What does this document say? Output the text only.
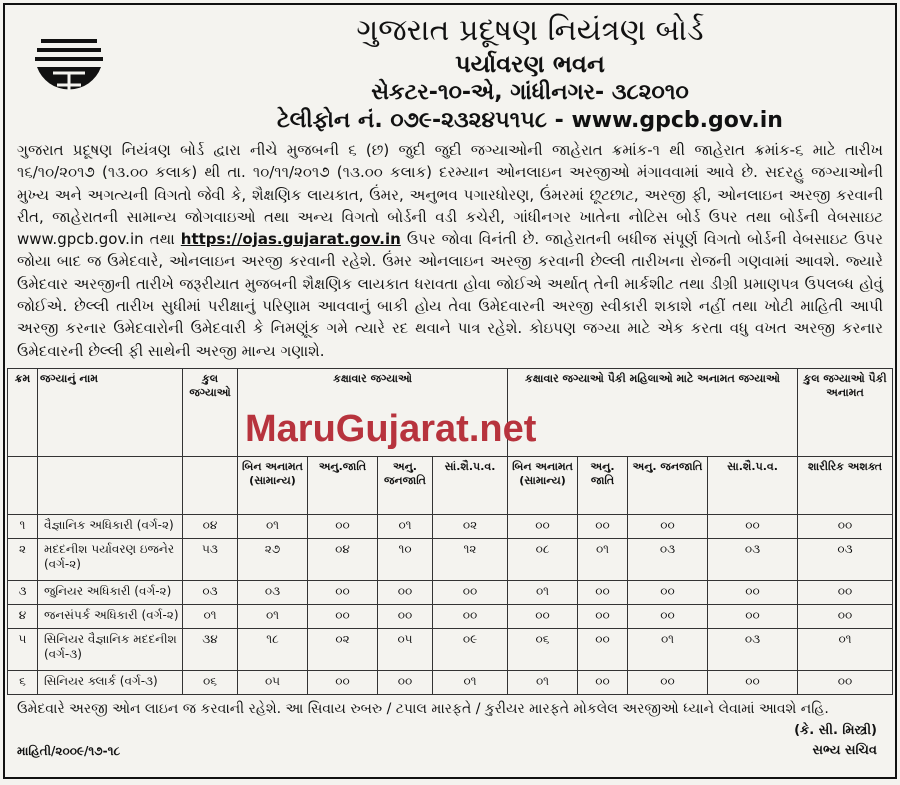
ગુજરાત પ્રદૂષણ નિયંત્રણ બોર્ડ
પર્યાવરણ ભવન
સેકટર-૧૦-એ, ગાંધીનગર- ૩૮૨૦૧૦
ટેલીફોન નં. ૦૭૯-૨૩૨૪૫૧૫૮ - www.gpcb.gov.in
ગુજરાત પ્રદૂષણ નિયંત્રણ બોર્ડ દ્વારા નીચે મુજબની ૬ (છ) જુદી જુદી જગ્યાઓની જાહેરાત ક્રમાંક-૧ થી જાહેરાત ક્રમાંક-૬ માટે તારીખ ૧૬/૧૦/૨૦૧૭ (૧૩.૦૦ કલાક) થી તા. ૧૦/૧૧/૨૦૧૭ (૧૩.૦૦ કલાક) દરમ્યાન ઓનલાઇન અરજીઓ મંગાવવામાં આવે છે. સદરહુ જગ્યાઓની મુખ્ય અને અગત્યની વિગતો જેવી કે, શૈક્ષણિક લાયકાત, ઉંમર, અનુભવ પગારધોરણ, ઉંમરમાં છૂટછાટ, અરજી ફી, ઓનલાઇન અરજી કરવાની રીત, જાહેરાતની સામાન્ય જોગવાઇઓ તથા અન્ય વિગતો બોર્ડની વડી કચેરી, ગાંધીનગર ખાતેના નોટિસ બોર્ડ ઉપર તથા બોર્ડની વેબસાઇટ www.gpcb.gov.in તથા https://ojas.gujarat.gov.in ઉપર જોવા વિનંતી છે. જાહેરાતની બધીજ સંપૂર્ણ વિગતો બોર્ડની વેબસાઇટ ઉપર જોયા બાદ જ ઉમેદવારે, ઓનલાઇન અરજી કરવાની રહેશે. ઉંમર ઓનલાઇન અરજી કરવાની છેલ્લી તારીખના રોજની ગણવામાં આવશે. જ્યારે ઉમેદવાર અરજીની તારીખે જરૂરીયાત મુજબની શૈક્ષણિક લાયકાત ધરાવતા હોવા જોઈએ અર્થાત્ તેની માર્કશીટ તથા ડીગ્રી પ્રમાણપત્ર ઉપલબ્ધ હોવું જોઈએ. છેલ્લી તારીખ સુધીમાં પરીક્ષાનું પરિણામ આવવાનું બાકી હોય તેવા ઉમેદવારની અરજી સ્વીકારી શકાશે નહીં તથા ખોટી માહિતી આપી અરજી કરનાર ઉમેદવારોની ઉમેદવારી કે નિમણૂંક ગમે ત્યારે રદ થવાને પાત્ર રહેશે. કોઇપણ જગ્યા માટે એક કરતા વધુ વખત અરજી કરનાર ઉમેદવારની છેલ્લી ફી સાથેની અરજી માન્ય ગણાશે.
ક્રમ	જગ્યાનું નામ	કુલ જગ્યાઓ	કક્ષાવાર જગ્યાઓ				કક્ષાવાર જગ્યાઓ પૈકી મહિલાઓ માટે અનામત જગ્યાઓ				કુલ જગ્યાઓ પૈકી અનામત
			બિન અનામત (સામાન્ય)	અનુ.જાતિ	અનુ. જનજાતિ	સાં.શૈ.પ.વ.	બિન અનામત (સામાન્ય)	અનુ. જાતિ	અનુ. જનજાતિ	સા.શૈ.પ.વ.	શારીરિક અશક્ત
૧	વૈજ્ઞાનિક અધિકારી (વર્ગ-૨)	૦૪	૦૧	૦૦	૦૧	૦૨	૦૦	૦૦	૦૦	૦૦	૦૦
૨	મદદનીશ પર્યાવરણ ઇજનેર (વર્ગ-૨)	૫૩	૨૭	૦૪	૧૦	૧૨	૦૮	૦૧	૦૩	૦૩	૦૩
૩	જુનિયર અધિકારી (વર્ગ-૨)	૦૩	૦૩	૦૦	૦૦	૦૦	૦૧	૦૦	૦૦	૦૦	૦૦
૪	જનસંપર્ક અધિકારી (વર્ગ-૨)	૦૧	૦૧	૦૦	૦૦	૦૦	૦૦	૦૦	૦૦	૦૦	૦૦
૫	સિનિયર વૈજ્ઞાનિક મદદનીશ (વર્ગ-૩)	૩૪	૧૮	૦૨	૦૫	૦૯	૦૬	૦૦	૦૧	૦૩	૦૧
૬	સિનિયર ક્લાર્ક (વર્ગ-૩)	૦૬	૦૫	૦૦	૦૦	૦૧	૦૧	૦૦	૦૦	૦૦	૦૦
MaruGujarat.net
ઉમેદવારે અરજી ઓન લાઇન જ કરવાની રહેશે. આ સિવાય રુબરુ / ટપાલ મારફતે / કુરીયર મારફતે મોકલેલ અરજીઓ ધ્યાને લેવામાં આવશે નહિ.
માહિતી/૨૦૦૯/૧૭-૧૮
(કે. સી. મિસ્ત્રી)
સભ્ય સચિવ
